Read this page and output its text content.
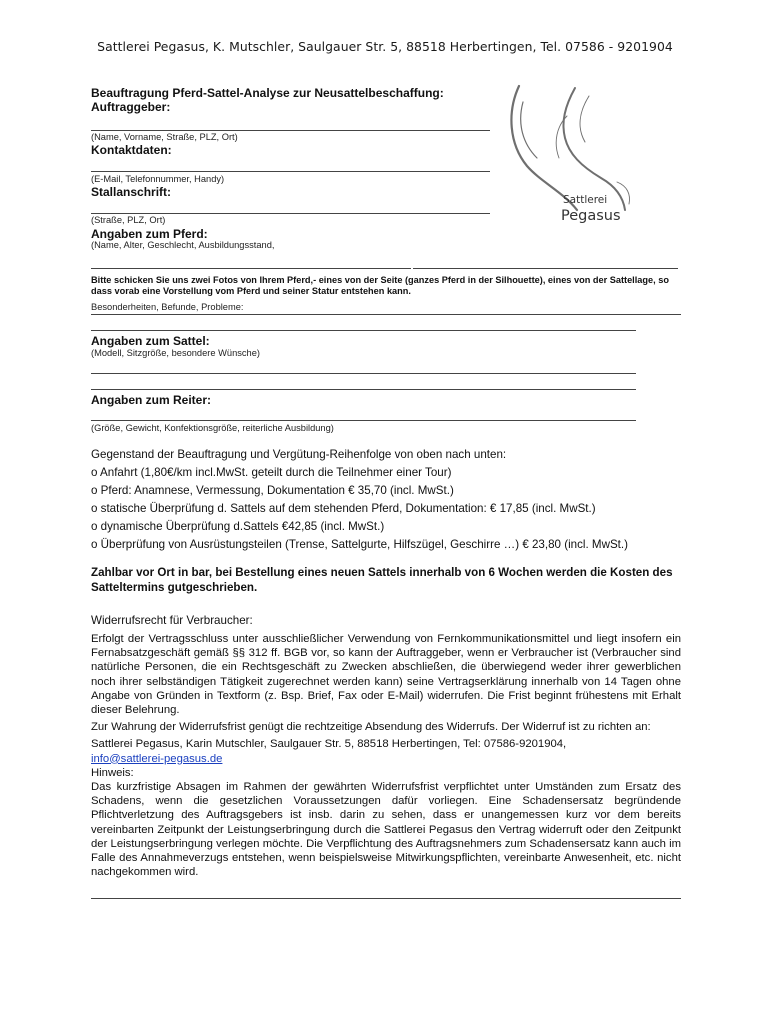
Sattlerei Pegasus, K. Mutschler, Saulgauer Str. 5, 88518 Herbertingen, Tel. 07586 - 9201904
Sattlerei
Pegasus
Beauftragung Pferd-Sattel-Analyse zur Neusattelbeschaffung:
Auftraggeber:
(Name, Vorname, Straße, PLZ, Ort)
Kontaktdaten:
(E-Mail, Telefonnummer, Handy)
Stallanschrift:
(Straße, PLZ, Ort)
Angaben zum Pferd:
(Name, Alter, Geschlecht, Ausbildungsstand,
Bitte schicken Sie uns zwei Fotos von Ihrem Pferd,- eines von der Seite (ganzes Pferd in der Silhouette), eines von der Sattellage, so dass vorab eine Vorstellung vom Pferd und seiner Statur entstehen kann.
Besonderheiten, Befunde, Probleme:
Angaben zum Sattel:
(Modell, Sitzgröße, besondere Wünsche)
Angaben zum Reiter:
(Größe, Gewicht, Konfektionsgröße, reiterliche Ausbildung)
Gegenstand der Beauftragung und Vergütung-Reihenfolge von oben nach unten:
o Anfahrt (1,80€/km incl.MwSt. geteilt durch die Teilnehmer einer Tour)
o Pferd: Anamnese, Vermessung, Dokumentation € 35,70 (incl. MwSt.)
o statische Überprüfung d. Sattels auf dem stehenden Pferd, Dokumentation: € 17,85 (incl. MwSt.)
o dynamische Überprüfung d.Sattels €42,85 (incl. MwSt.)
o Überprüfung von Ausrüstungsteilen (Trense, Sattelgurte, Hilfszügel, Geschirre …) € 23,80 (incl. MwSt.)
Zahlbar vor Ort in bar, bei Bestellung eines neuen Sattels innerhalb von 6 Wochen werden die Kosten des Satteltermins gutgeschrieben.
Widerrufsrecht für Verbraucher:

Erfolgt der Vertragsschluss unter ausschließlicher Verwendung von Fernkommunikationsmittel und liegt insofern ein Fernabsatzgeschäft gemäß §§ 312 ff. BGB vor, so kann der Auftraggeber, wenn er Verbraucher ist (Verbraucher sind natürliche Personen, die ein Rechtsgeschäft zu Zwecken abschließen, die überwiegend weder ihrer gewerblichen noch ihrer selbständigen Tätigkeit zugerechnet werden kann) seine Vertragserklärung innerhalb von 14 Tagen ohne Angabe von Gründen in Textform (z. Bsp. Brief, Fax oder E-Mail) widerrufen. Die Frist beginnt frühestens mit Erhalt dieser Belehrung.

Zur Wahrung der Widerrufsfrist genügt die rechtzeitige Absendung des Widerrufs. Der Widerruf ist zu richten an:

Sattlerei Pegasus, Karin Mutschler, Saulgauer Str. 5, 88518 Herbertingen, Tel: 07586-9201904,

info@sattlerei-pegasus.de

Hinweis:

Das kurzfristige Absagen im Rahmen der gewährten Widerrufsfrist verpflichtet unter Umständen zum Ersatz des Schadens, wenn die gesetzlichen Voraussetzungen dafür vorliegen. Eine Schadensersatz begründende Pflichtverletzung des Auftragsgebers ist insb. darin zu sehen, dass er unangemessen kurz vor dem bereits vereinbarten Zeitpunkt der Leistungserbringung durch die Sattlerei Pegasus den Vertrag widerruft oder den Zeitpunkt der Leistungserbringung verlegen möchte. Die Verpflichtung des Auftragsnehmers zum Schadensersatz kann auch im Falle des Annahmeverzugs entstehen, wenn beispielsweise Mitwirkungspflichten, vereinbarte Anwesenheit, etc. nicht nachgekommen wird.
